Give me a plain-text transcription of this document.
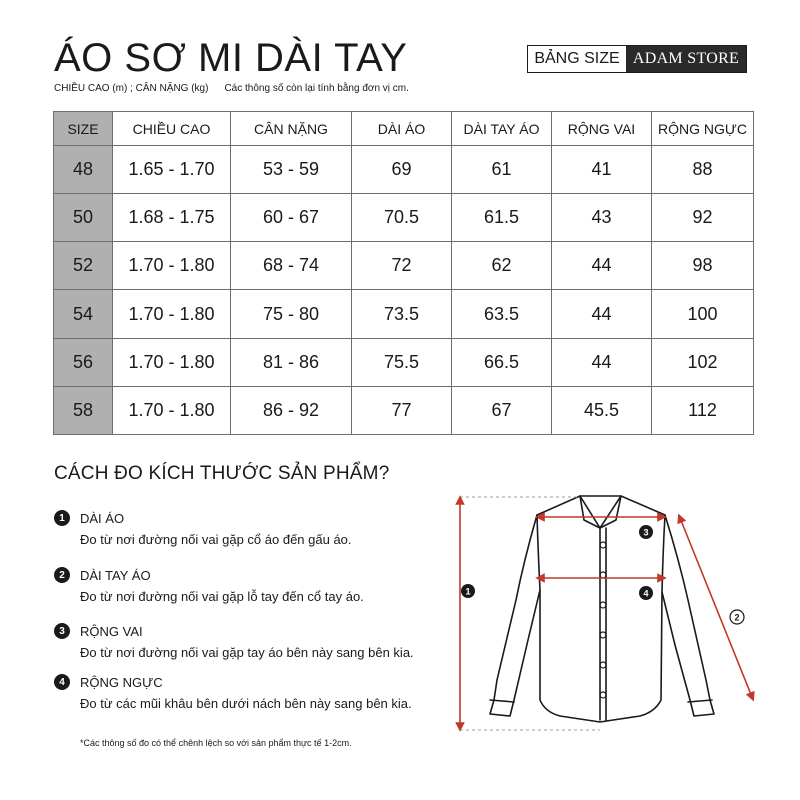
ÁO SƠ MI DÀI TAY
CHIỀU CAO (m) ; CÂN NẶNG (kg) Các thông số còn lại tính bằng đơn vị cm.
BẢNG SIZE ADAM STORE
SIZE	CHIỀU CAO	CÂN NẶNG	DÀI ÁO	DÀI TAY ÁO	RỘNG VAI	RỘNG NGỰC
48	1.65 - 1.70	53 - 59	69	61	41	88
50	1.68 - 1.75	60 - 67	70.5	61.5	43	92
52	1.70 - 1.80	68 - 74	72	62	44	98
54	1.70 - 1.80	75 - 80	73.5	63.5	44	100
56	1.70 - 1.80	81 - 86	75.5	66.5	44	102
58	1.70 - 1.80	86 - 92	77	67	45.5	112
CÁCH ĐO KÍCH THƯỚC SẢN PHẨM?
1	DÀI ÁO
Đo từ nơi đường nối vai gặp cổ áo đến gấu áo.
2	DÀI TAY ÁO
Đo từ nơi đường nối vai gặp lỗ tay đến cổ tay áo.
3	RỘNG VAI
Đo từ nơi đường nối vai gặp tay áo bên này sang bên kia.
4	RỘNG NGỰC
Đo từ các mũi khâu bên dưới nách bên này sang bên kia.
*Các thông số đo có thể chênh lệch so với sản phẩm thực tế 1-2cm.
1
2
3
4
